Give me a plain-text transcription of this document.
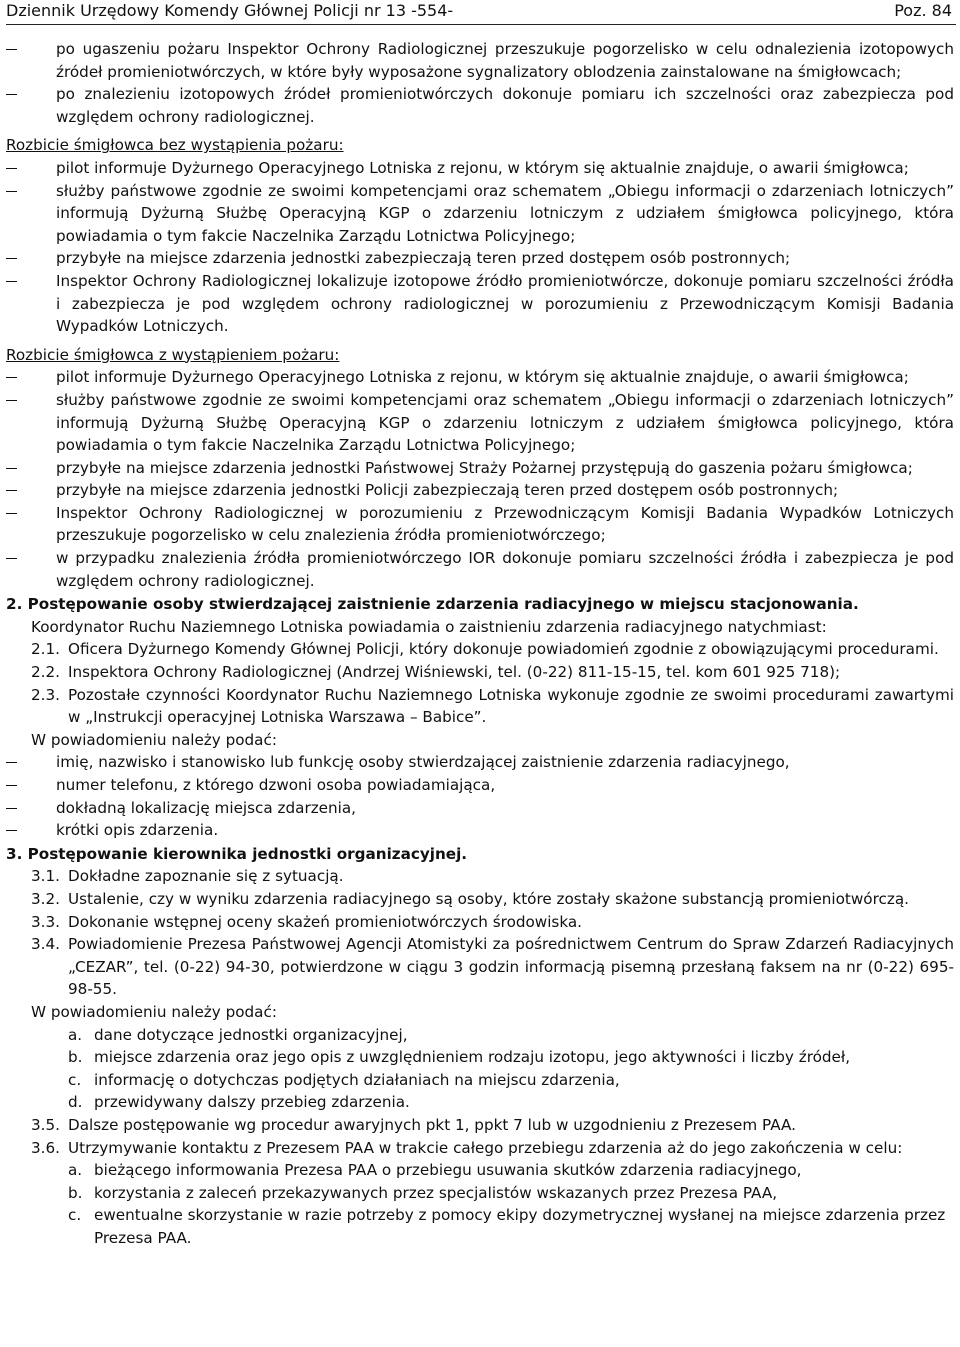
Dziennik Urzędowy Komendy Głównej Policji nr 13 -554-	Poz. 84
po ugaszeniu pożaru Inspektor Ochrony Radiologicznej przeszukuje pogorzelisko w celu odnalezienia izotopowych źródeł promieniotwórczych, w które były wyposażone sygnalizatory oblodzenia zainstalowane na śmigłowcach;
po znalezieniu izotopowych źródeł promieniotwórczych dokonuje pomiaru ich szczelności oraz zabezpiecza pod względem ochrony radiologicznej.
Rozbicie śmigłowca bez wystąpienia pożaru:
pilot informuje Dyżurnego Operacyjnego Lotniska z rejonu, w którym się aktualnie znajduje, o awarii śmigłowca;
służby państwowe zgodnie ze swoimi kompetencjami oraz schematem „Obiegu informacji o zdarzeniach lotniczych” informują Dyżurną Służbę Operacyjną KGP o zdarzeniu lotniczym z udziałem śmigłowca policyjnego, która powiadamia o tym fakcie Naczelnika Zarządu Lotnictwa Policyjnego;
przybyłe na miejsce zdarzenia jednostki zabezpieczają teren przed dostępem osób postronnych;
Inspektor Ochrony Radiologicznej lokalizuje izotopowe źródło promieniotwórcze, dokonuje pomiaru szczelności źródła i zabezpiecza je pod względem ochrony radiologicznej w porozumieniu z Przewodniczącym Komisji Badania Wypadków Lotniczych.
Rozbicie śmigłowca z wystąpieniem pożaru:
pilot informuje Dyżurnego Operacyjnego Lotniska z rejonu, w którym się aktualnie znajduje, o awarii śmigłowca;
służby państwowe zgodnie ze swoimi kompetencjami oraz schematem „Obiegu informacji o zdarzeniach lotniczych” informują Dyżurną Służbę Operacyjną KGP o zdarzeniu lotniczym z udziałem śmigłowca policyjnego, która powiadamia o tym fakcie Naczelnika Zarządu Lotnictwa Policyjnego;
przybyłe na miejsce zdarzenia jednostki Państwowej Straży Pożarnej przystępują do gaszenia pożaru śmigłowca;
przybyłe na miejsce zdarzenia jednostki Policji zabezpieczają teren przed dostępem osób postronnych;
Inspektor Ochrony Radiologicznej w porozumieniu z Przewodniczącym Komisji Badania Wypadków Lotniczych przeszukuje pogorzelisko w celu znalezienia źródła promieniotwórczego;
w przypadku znalezienia źródła promieniotwórczego IOR dokonuje pomiaru szczelności źródła i zabezpiecza je pod względem ochrony radiologicznej.
2. Postępowanie osoby stwierdzającej zaistnienie zdarzenia radiacyjnego w miejscu stacjonowania.
Koordynator Ruchu Naziemnego Lotniska powiadamia o zaistnieniu zdarzenia radiacyjnego natychmiast:
2.1. Oficera Dyżurnego Komendy Głównej Policji, który dokonuje powiadomień zgodnie z obowiązującymi procedurami.
2.2. Inspektora Ochrony Radiologicznej (Andrzej Wiśniewski, tel. (0-22) 811-15-15, tel. kom 601 925 718);
2.3. Pozostałe czynności Koordynator Ruchu Naziemnego Lotniska wykonuje zgodnie ze swoimi procedurami zawartymi w „Instrukcji operacyjnej Lotniska Warszawa – Babice”.
W powiadomieniu należy podać:
imię, nazwisko i stanowisko lub funkcję osoby stwierdzającej zaistnienie zdarzenia radiacyjnego,
numer telefonu, z którego dzwoni osoba powiadamiająca,
dokładną lokalizację miejsca zdarzenia,
krótki opis zdarzenia.
3. Postępowanie kierownika jednostki organizacyjnej.
3.1. Dokładne zapoznanie się z sytuacją.
3.2. Ustalenie, czy w wyniku zdarzenia radiacyjnego są osoby, które zostały skażone substancją promieniotwórczą.
3.3. Dokonanie wstępnej oceny skażeń promieniotwórczych środowiska.
3.4. Powiadomienie Prezesa Państwowej Agencji Atomistyki za pośrednictwem Centrum do Spraw Zdarzeń Radiacyjnych „CEZAR”, tel. (0-22) 94-30, potwierdzone w ciągu 3 godzin informacją pisemną przesłaną faksem na nr (0-22) 695-98-55.
W powiadomieniu należy podać:
a. dane dotyczące jednostki organizacyjnej,
b. miejsce zdarzenia oraz jego opis z uwzględnieniem rodzaju izotopu, jego aktywności i liczby źródeł,
c. informację o dotychczas podjętych działaniach na miejscu zdarzenia,
d. przewidywany dalszy przebieg zdarzenia.
3.5. Dalsze postępowanie wg procedur awaryjnych pkt 1, ppkt 7 lub w uzgodnieniu z Prezesem PAA.
3.6. Utrzymywanie kontaktu z Prezesem PAA w trakcie całego przebiegu zdarzenia aż do jego zakończenia w celu:
a. bieżącego informowania Prezesa PAA o przebiegu usuwania skutków zdarzenia radiacyjnego,
b. korzystania z zaleceń przekazywanych przez specjalistów wskazanych przez Prezesa PAA,
c. ewentualne skorzystanie w razie potrzeby z pomocy ekipy dozymetrycznej wysłanej na miejsce zdarzenia przez Prezesa PAA.
